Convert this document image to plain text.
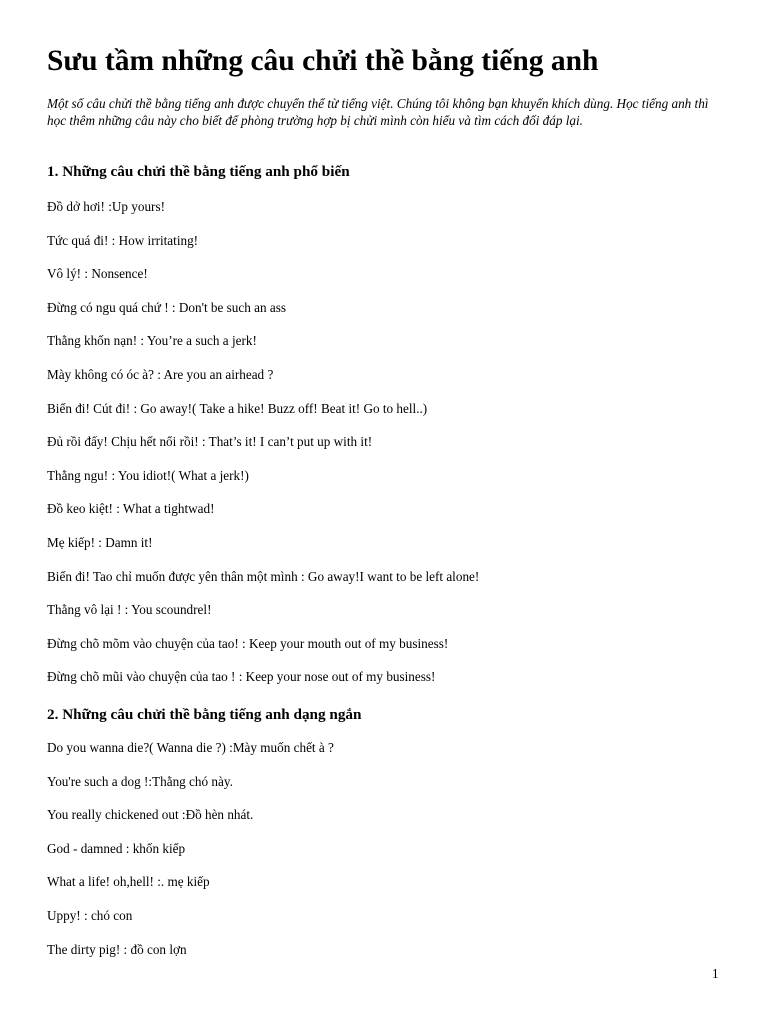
Sưu tầm những câu chửi thề bằng tiếng anh

Một số câu chửi thề bằng tiếng anh được chuyển thể từ tiếng việt. Chúng tôi không bạn khuyến khích dùng. Học tiếng anh thì học thêm những câu này cho biết để phòng trường hợp bị chửi mình còn hiểu và tìm cách đối đáp lại.

1. Những câu chửi thề bằng tiếng anh phổ biến
Đồ dở hơi! :Up yours!
Tức quá đi! : How irritating!
Vô lý! : Nonsence!
Đừng có ngu quá chứ ! : Don't be such an ass
Thằng khốn nạn! : You’re a such a jerk!
Mày không có óc à? : Are you an airhead ?
Biến đi! Cút đi! : Go away!( Take a hike! Buzz off! Beat it! Go to hell..)
Đủ rồi đấy! Chịu hết nổi rồi! : That’s it! I can’t put up with it!
Thằng ngu! : You idiot!( What a jerk!)
Đồ keo kiệt! : What a tightwad!
Mẹ kiếp! : Damn it!
Biến đi! Tao chỉ muốn được yên thân một mình : Go away!I want to be left alone!
Thằng vô lại ! : You scoundrel!
Đừng chõ mõm vào chuyện của tao! : Keep your mouth out of my business!
Đừng chõ mũi vào chuyện của tao ! : Keep your nose out of my business!
2. Những câu chửi thề bằng tiếng anh dạng ngắn
Do you wanna die?( Wanna die ?) :Mày muốn chết à ?
You're such a dog !:Thằng chó này.
You really chickened out :Đồ hèn nhát.
God - damned : khốn kiếp
What a life! oh,hell! :. mẹ kiếp
Uppy! : chó con
The dirty pig! : đồ con lợn
1
